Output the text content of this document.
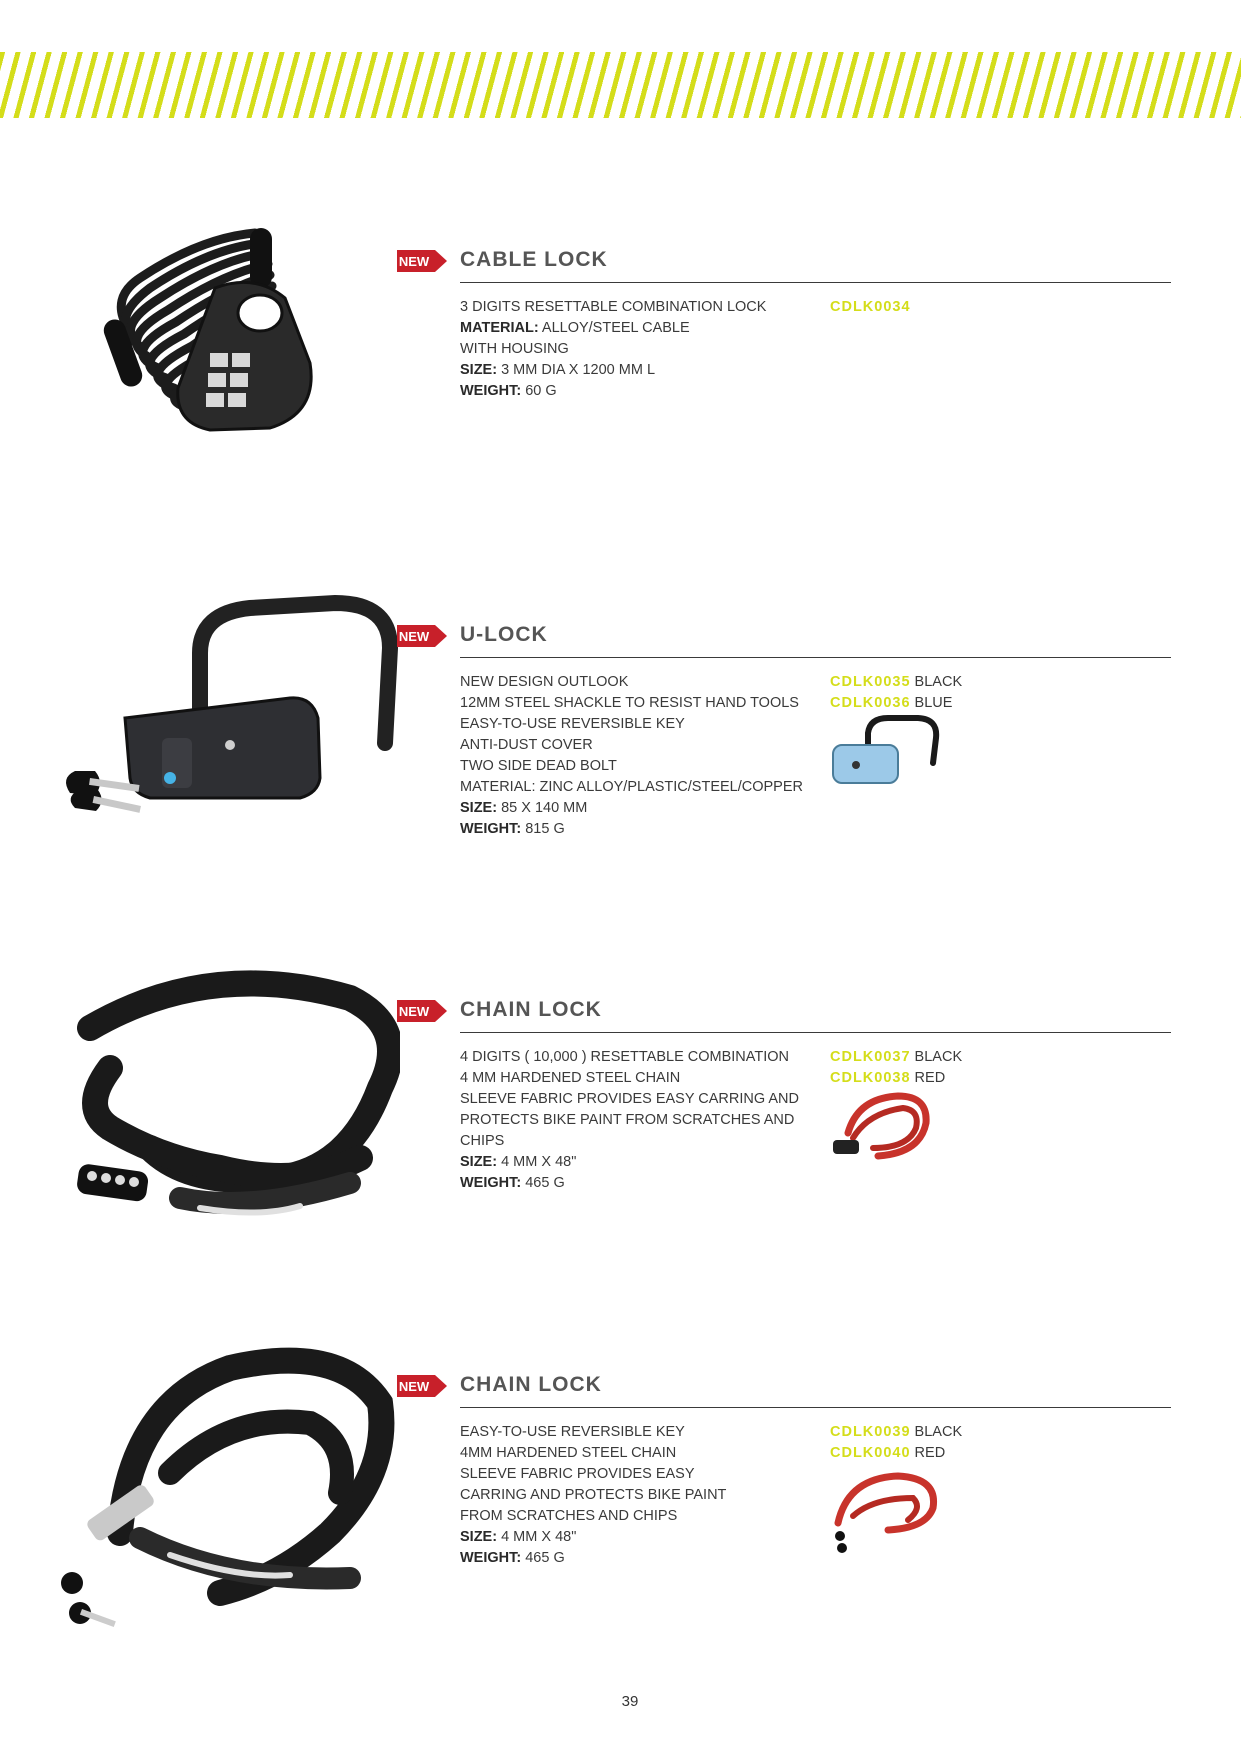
NEW CABLE LOCK
3 DIGITS RESETTABLE COMBINATION LOCK
MATERIAL: ALLOY/STEEL CABLE
WITH HOUSING
SIZE: 3 MM DIA X 1200 MM L
WEIGHT: 60 G
CDLK0034
NEW U-LOCK
NEW DESIGN OUTLOOK
12MM STEEL SHACKLE TO RESIST HAND TOOLS
EASY-TO-USE REVERSIBLE KEY
ANTI-DUST COVER
TWO SIDE DEAD BOLT
MATERIAL: ZINC ALLOY/PLASTIC/STEEL/COPPER
SIZE: 85 X 140 MM
WEIGHT: 815 G
CDLK0035 BLACK
CDLK0036 BLUE
NEW CHAIN LOCK
4 DIGITS ( 10,000 ) RESETTABLE COMBINATION
4 MM HARDENED STEEL CHAIN
SLEEVE FABRIC PROVIDES EASY CARRING AND PROTECTS BIKE PAINT FROM SCRATCHES AND CHIPS
SIZE: 4 MM X 48"
WEIGHT: 465 G
CDLK0037 BLACK
CDLK0038 RED
NEW CHAIN LOCK
EASY-TO-USE REVERSIBLE KEY
4MM HARDENED STEEL CHAIN
SLEEVE FABRIC PROVIDES EASY
CARRING AND PROTECTS BIKE PAINT
FROM SCRATCHES AND CHIPS
SIZE: 4 MM X 48"
WEIGHT: 465 G
CDLK0039 BLACK
CDLK0040 RED
39
